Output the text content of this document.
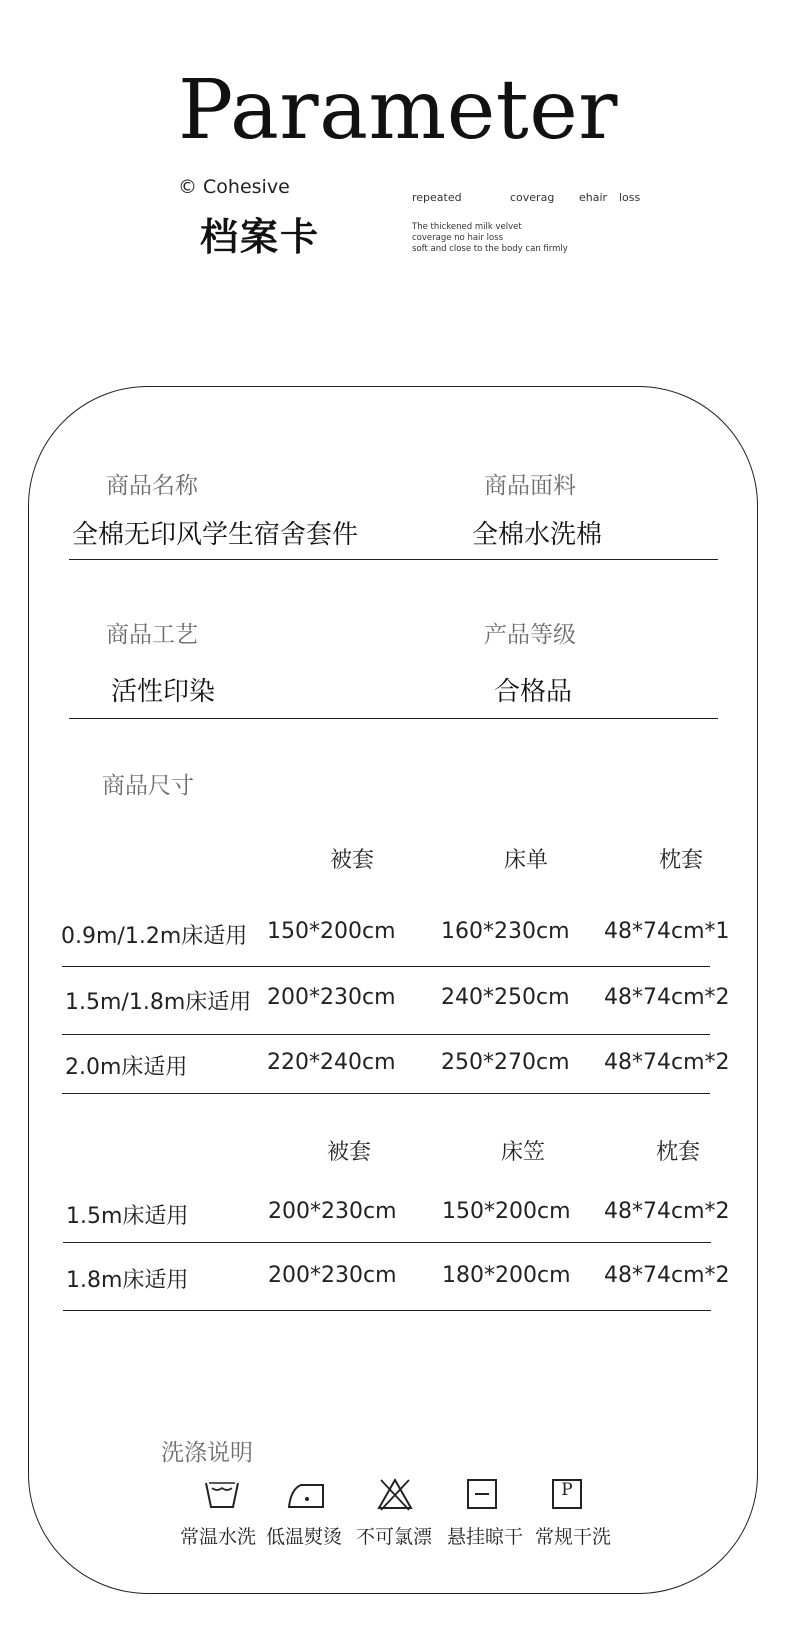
Parameter
© Cohesive
档案卡
repeated	coverag ehair loss
The thickened milk velvet
coverage no hair loss
soft and close to the body can firmly
商品名称	商品面料
全棉无印风学生宿舍套件	全棉水洗棉
商品工艺	产品等级
活性印染	合格品
商品尺寸
被套	床单	枕套
0.9m/1.2m床适用 150*200cm 160*230cm 48*74cm*1
1.5m/1.8m床适用 200*230cm 240*250cm 48*74cm*2
2.0m床适用	220*240cm 250*270cm 48*74cm*2
被套	床笠	枕套
1.5m床适用	200*230cm 150*200cm 48*74cm*2
1.8m床适用	200*230cm 180*200cm 48*74cm*2
洗涤说明
P
常温水洗 低温熨烫 不可氯漂 悬挂晾干 常规干洗
